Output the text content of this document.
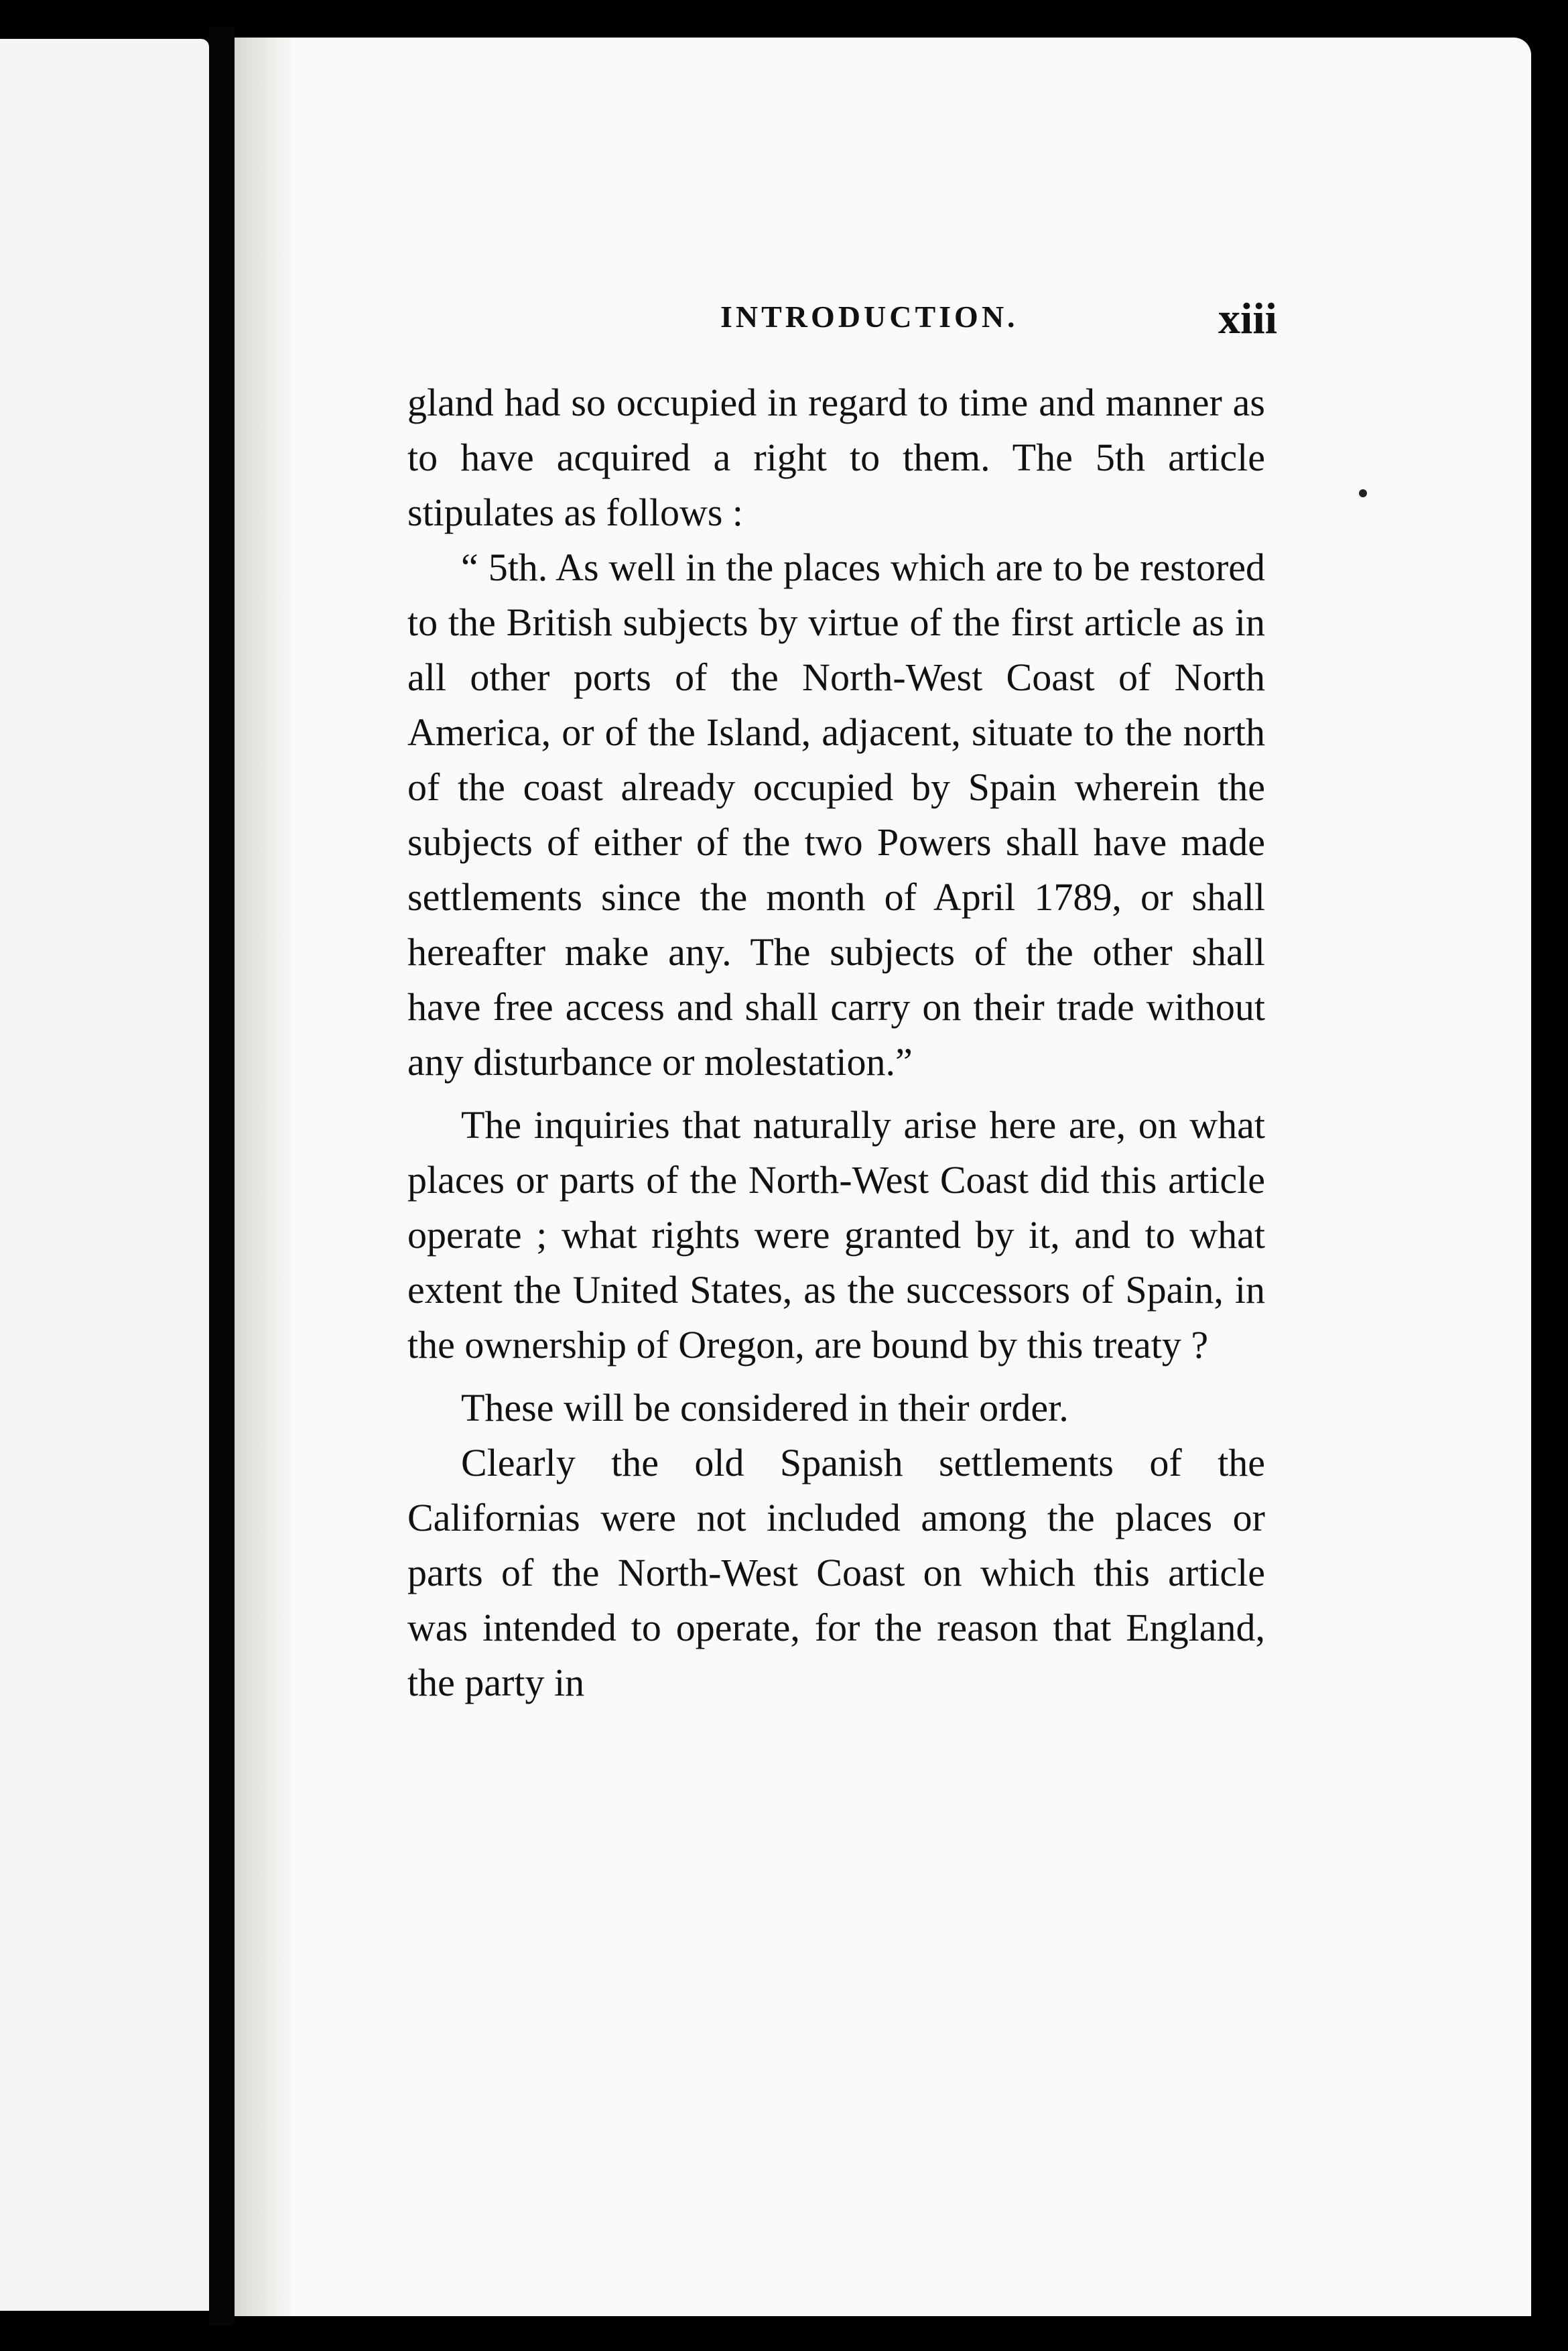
INTRODUCTION.	xiii

gland had so occupied in regard to time and manner as to have acquired a right to them. The 5th article stipulates as follows :

“ 5th. As well in the places which are to be restored to the British subjects by virtue of the first article as in all other ports of the North-West Coast of North America, or of the Island, adjacent, situate to the north of the coast already occupied by Spain wherein the subjects of either of the two Powers shall have made settlements since the month of April 1789, or shall hereafter make any. The subjects of the other shall have free access and shall carry on their trade without any disturbance or molestation.”

The inquiries that naturally arise here are, on what places or parts of the North-West Coast did this article operate ; what rights were granted by it, and to what extent the United States, as the successors of Spain, in the ownership of Oregon, are bound by this treaty ?

These will be considered in their order.

Clearly the old Spanish settlements of the Californias were not included among the places or parts of the North-West Coast on which this article was intended to operate, for the reason that England, the party in
